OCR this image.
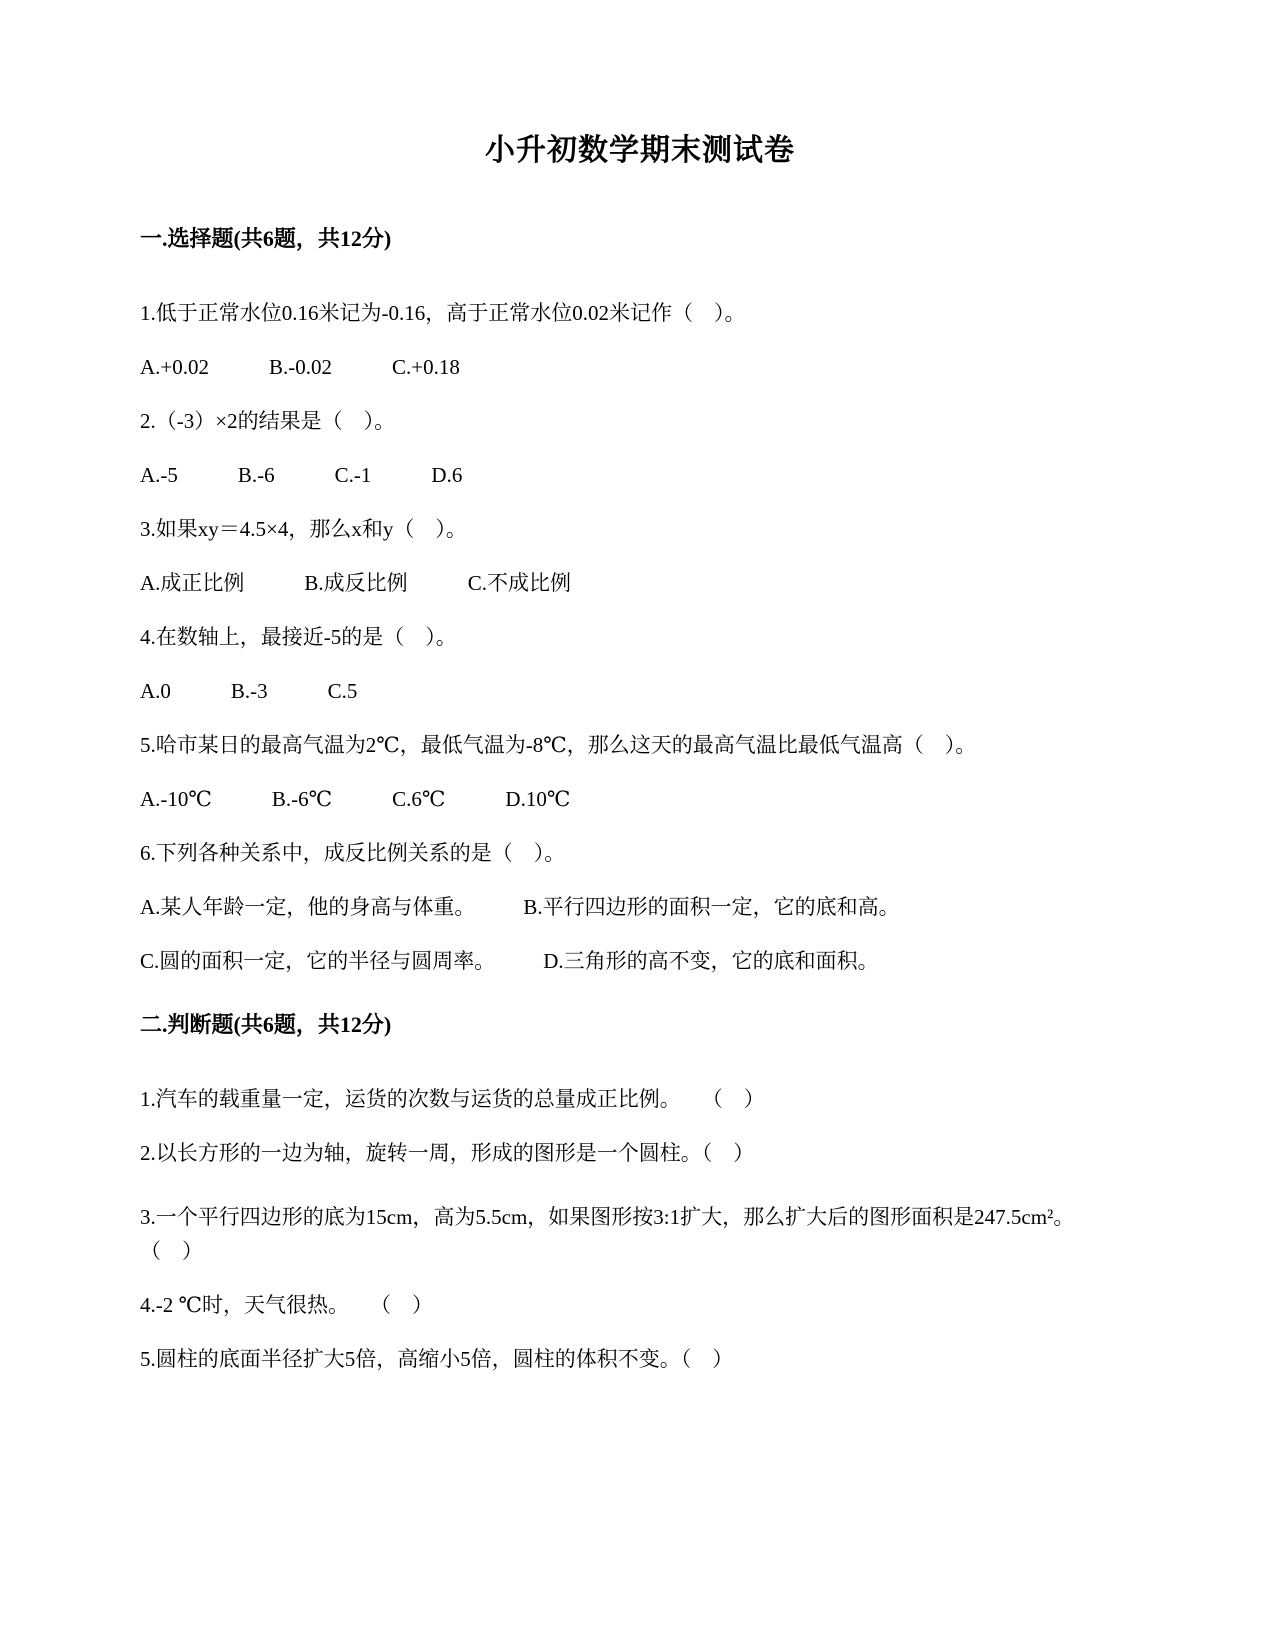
小升初数学期末测试卷
一.选择题(共6题，共12分)

1.低于正常水位0.16米记为-0.16，高于正常水位0.02米记作（　）。

A.+0.02	B.-0.02	C.+0.18

2.（-3）×2的结果是（　）。

A.-5	B.-6	C.-1	D.6

3.如果xy＝4.5×4，那么x和y（　）。

A.成正比例	B.成反比例	C.不成比例

4.在数轴上，最接近-5的是（　）。

A.0	B.-3	C.5

5.哈市某日的最高气温为2℃，最低气温为-8℃，那么这天的最高气温比最低气温高（　）。

A.-10℃	B.-6℃	C.6℃	D.10℃

6.下列各种关系中，成反比例关系的是（　）。

A.某人年龄一定，他的身高与体重。 B.平行四边形的面积一定，它的底和高。

C.圆的面积一定，它的半径与圆周率。 D.三角形的高不变，它的底和面积。

二.判断题(共6题，共12分)

1.汽车的载重量一定，运货的次数与运货的总量成正比例。　　（　）

2.以长方形的一边为轴，旋转一周，形成的图形是一个圆柱。（　）

3.一个平行四边形的底为15cm，高为5.5cm，如果图形按3:1扩大，那么扩大后的图形面积是247.5cm²。　　（　）

4.-2 ℃时，天气很热。　　（　）

5.圆柱的底面半径扩大5倍，高缩小5倍，圆柱的体积不变。（　）
